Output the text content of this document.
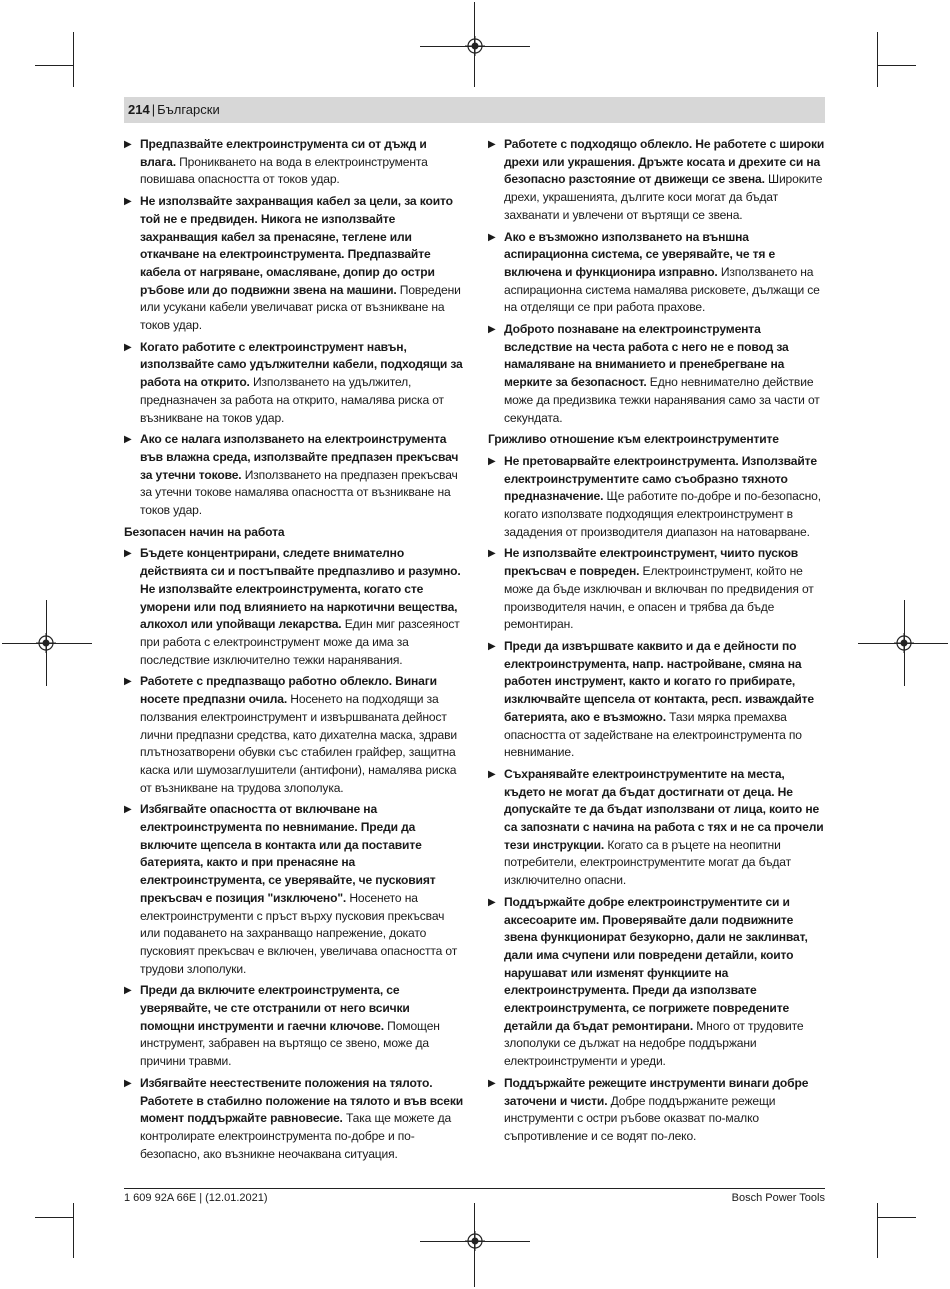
214 | Български
▶ Предпазвайте електроинструмента си от дъжд и влага. Проникването на вода в електроинструмента повишава опасността от токов удар.
▶ Не използвайте захранващия кабел за цели, за които той не е предвиден. Никога не използвайте захранващия кабел за пренасяне, теглене или откачване на електроинструмента. Предпазвайте кабела от нагряване, омасляване, допир до остри ръбове или до подвижни звена на машини. Повредени или усукани кабели увеличават риска от възникване на токов удар.
▶ Когато работите с електроинструмент навън, използвайте само удължителни кабели, подходящи за работа на открито. Използването на удължител, предназначен за работа на открито, намалява риска от възникване на токов удар.
▶ Ако се налага използването на електроинструмента във влажна среда, използвайте предпазен прекъсвач за утечни токове. Използването на предпазен прекъсвач за утечни токове намалява опасността от възникване на токов удар.
Безопасен начин на работа
▶ Бъдете концентрирани, следете внимателно действията си и постъпвайте предпазливо и разумно. Не използвайте електроинструмента, когато сте уморени или под влиянието на наркотични вещества, алкохол или упойващи лекарства. Един миг разсеяност при работа с електроинструмент може да има за последствие изключително тежки наранявания.
▶ Работете с предпазващо работно облекло. Винаги носете предпазни очила. Носенето на подходящи за ползвания електроинструмент и извършваната дейност лични предпазни средства, като дихателна маска, здрави плътнозатворени обувки със стабилен грайфер, защитна каска или шумозаглушители (антифони), намалява риска от възникване на трудова злополука.
▶ Избягвайте опасността от включване на електроинструмента по невнимание. Преди да включите щепсела в контакта или да поставите батерията, както и при пренасяне на електроинструмента, се уверявайте, че пусковият прекъсвач е позиция "изключено". Носенето на електроинструменти с пръст върху пусковия прекъсвач или подаването на захранващо напрежение, докато пусковият прекъсвач е включен, увеличава опасността от трудови злополуки.
▶ Преди да включите електроинструмента, се уверявайте, че сте отстранили от него всички помощни инструменти и гаечни ключове. Помощен инструмент, забравен на въртящо се звено, може да причини травми.
▶ Избягвайте неестествените положения на тялото. Работете в стабилно положение на тялото и във всеки момент поддържайте равновесие. Така ще можете да контролирате електроинструмента по-добре и по-безопасно, ако възникне неочаквана ситуация.
▶ Работете с подходящо облекло. Не работете с широки дрехи или украшения. Дръжте косата и дрехите си на безопасно разстояние от движещи се звена. Широките дрехи, украшенията, дългите коси могат да бъдат захванати и увлечени от въртящи се звена.
▶ Ако е възможно използването на външна аспирационна система, се уверявайте, че тя е включена и функционира изправно. Използването на аспирационна система намалява рисковете, дължащи се на отделящи се при работа прахове.
▶ Доброто познаване на електроинструмента вследствие на честа работа с него не е повод за намаляване на вниманието и пренебрегване на мерките за безопасност. Едно невнимателно действие може да предизвика тежки наранявания само за части от секундата.
Грижливо отношение към електроинструментите
▶ Не претоварвайте електроинструмента. Използвайте електроинструментите само съобразно тяхното предназначение. Ще работите по-добре и по-безопасно, когато използвате подходящия електроинструмент в зададения от производителя диапазон на натоварване.
▶ Не използвайте електроинструмент, чиито пусков прекъсвач е повреден. Електроинструмент, който не може да бъде изключван и включван по предвидения от производителя начин, е опасен и трябва да бъде ремонтиран.
▶ Преди да извършвате каквито и да е дейности по електроинструмента, напр. настройване, смяна на работен инструмент, както и когато го прибирате, изключвайте щепсела от контакта, респ. изваждайте батерията, ако е възможно. Тази мярка премахва опасността от задействане на електроинструмента по невнимание.
▶ Съхранявайте електроинструментите на места, където не могат да бъдат достигнати от деца. Не допускайте те да бъдат използвани от лица, които не са запознати с начина на работа с тях и не са прочели тези инструкции. Когато са в ръцете на неопитни потребители, електроинструментите могат да бъдат изключително опасни.
▶ Поддържайте добре електроинструментите си и аксесоарите им. Проверявайте дали подвижните звена функционират безукорно, дали не заклинват, дали има счупени или повредени детайли, които нарушават или изменят функциите на електроинструмента. Преди да използвате електроинструмента, се погрижете повредените детайли да бъдат ремонтирани. Много от трудовите злополуки се дължат на недобре поддържани електроинструменти и уреди.
▶ Поддържайте режещите инструменти винаги добре заточени и чисти. Добре поддържаните режещи инструменти с остри ръбове оказват по-малко съпротивление и се водят по-леко.
1 609 92A 66E | (12.01.2021)	Bosch Power Tools
